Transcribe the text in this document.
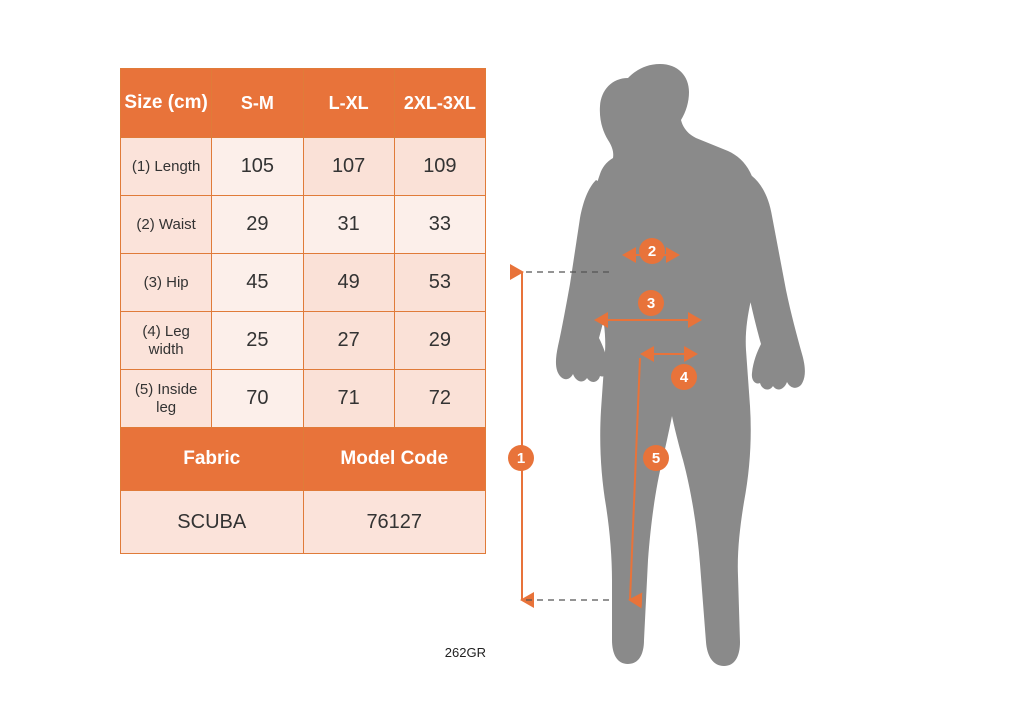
Size (cm)	S-M	L-XL	2XL-3XL
(1) Length	105	107	109
(2) Waist	29	31	33
(3) Hip	45	49	53
(4) Leg width	25	27	29
(5) Inside leg	70	71	72
Fabric		Model Code	
SCUBA		76127	
262GR
1
2
3
4
5
